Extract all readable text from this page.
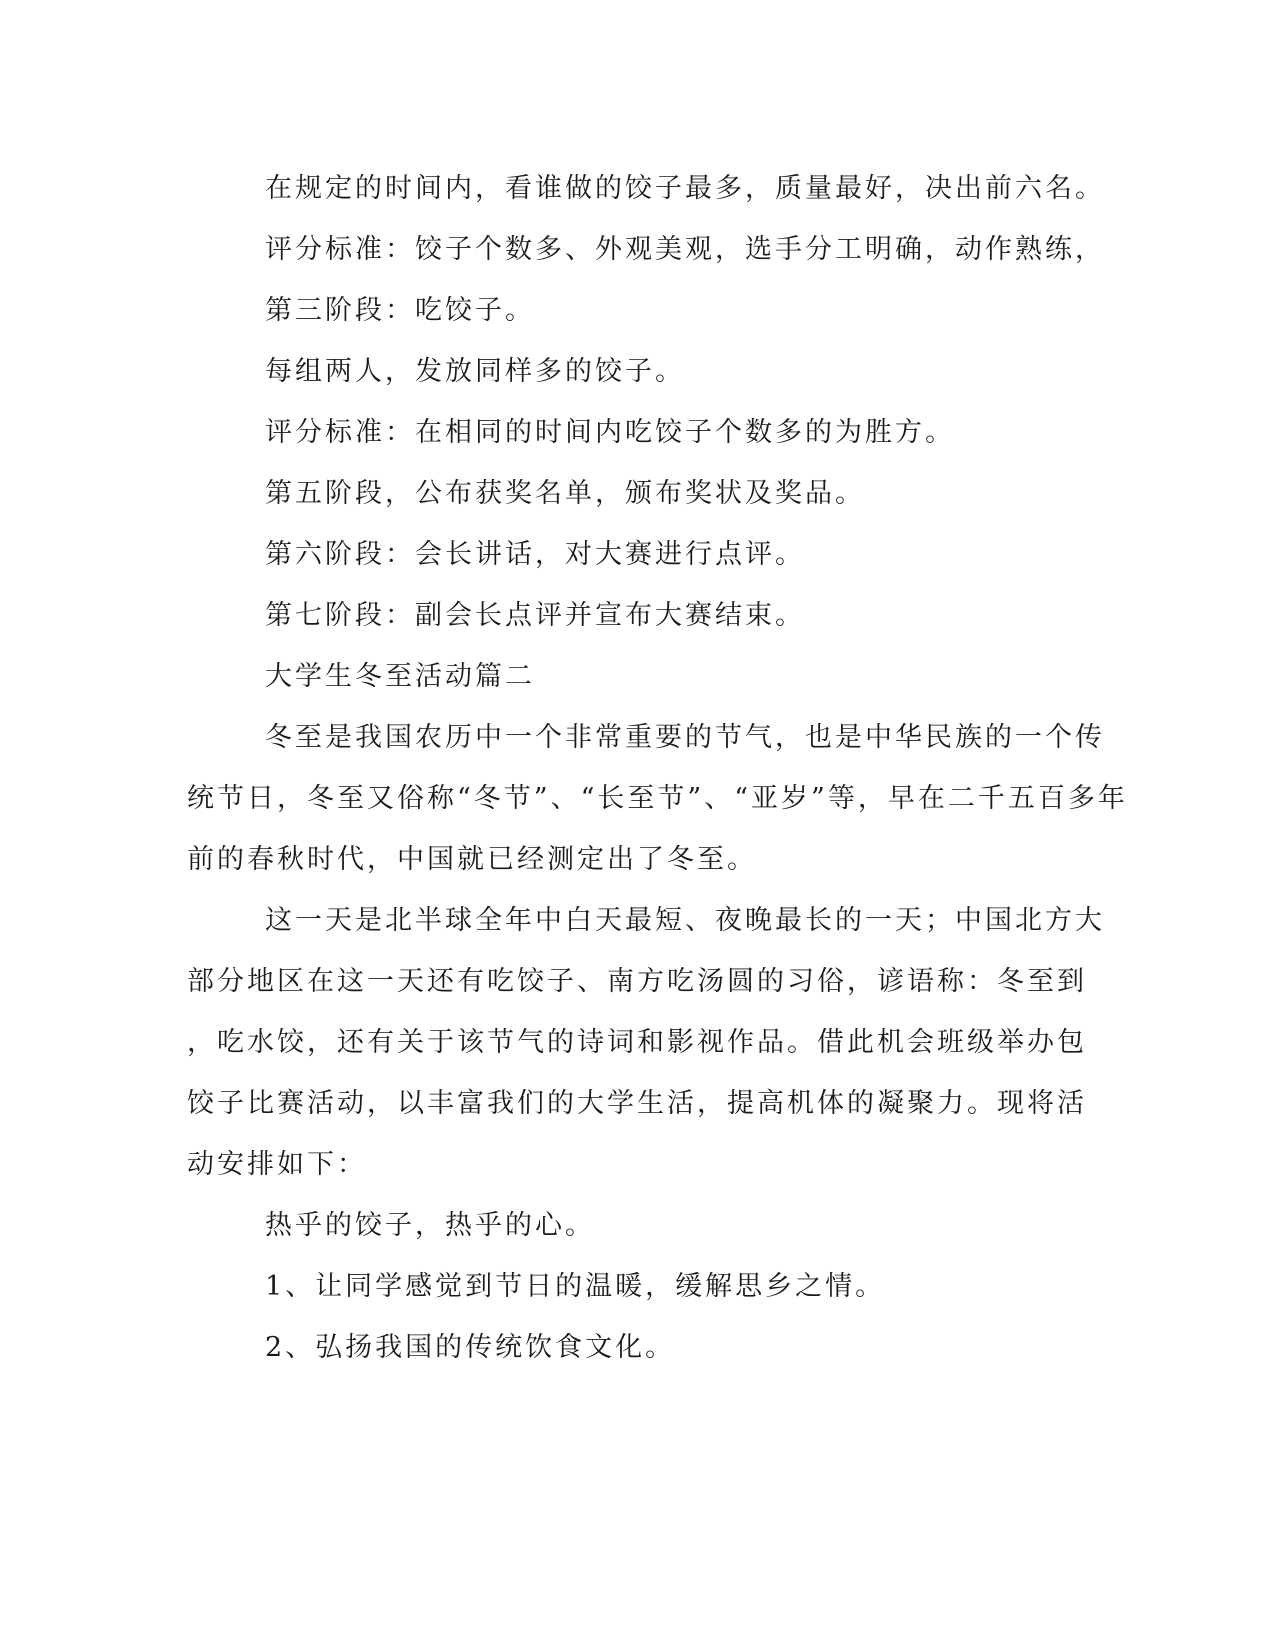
在规定的时间内，看谁做的饺子最多，质量最好，决出前六名。
评分标准：饺子个数多、外观美观，选手分工明确，动作熟练，
第三阶段：吃饺子。
每组两人，发放同样多的饺子。
评分标准：在相同的时间内吃饺子个数多的为胜方。
第五阶段，公布获奖名单，颁布奖状及奖品。
第六阶段：会长讲话，对大赛进行点评。
第七阶段：副会长点评并宣布大赛结束。
大学生冬至活动篇二
冬至是我国农历中一个非常重要的节气，也是中华民族的一个传
统节日，冬至又俗称“冬节”、“长至节”、“亚岁”等，早在二千五百多年
前的春秋时代，中国就已经测定出了冬至。
这一天是北半球全年中白天最短、夜晚最长的一天；中国北方大
部分地区在这一天还有吃饺子、南方吃汤圆的习俗，谚语称：冬至到
，吃水饺，还有关于该节气的诗词和影视作品。借此机会班级举办包
饺子比赛活动，以丰富我们的大学生活，提高机体的凝聚力。现将活
动安排如下：
热乎的饺子，热乎的心。
1、让同学感觉到节日的温暖，缓解思乡之情。
2、弘扬我国的传统饮食文化。
